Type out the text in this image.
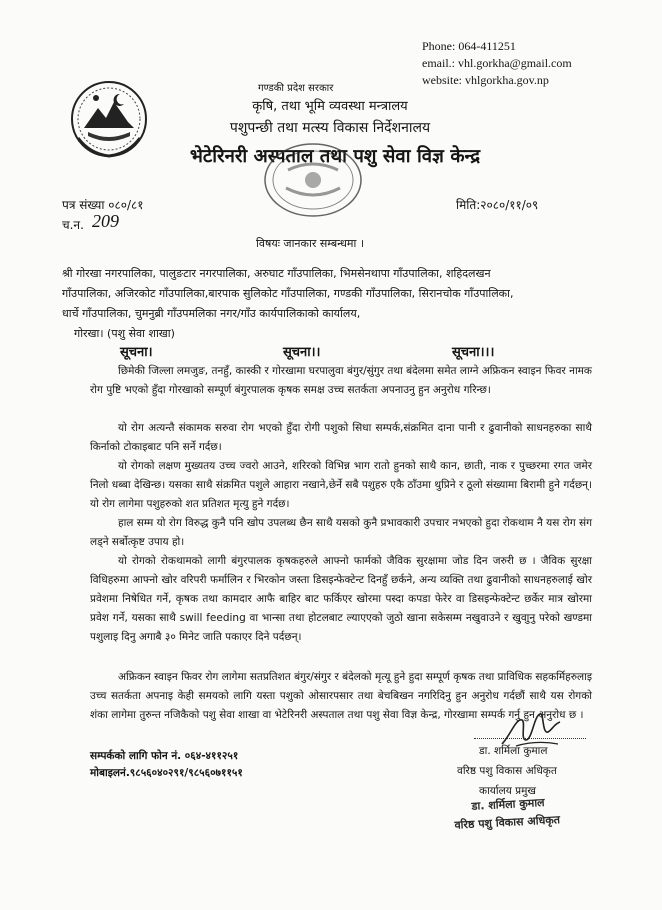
Phone: 064-411251
email.: vhl.gorkha@gmail.com
website: vhlgorkha.gov.np
गण्डकी प्रदेश सरकार
कृषि, तथा भूमि व्यवस्था मन्त्रालय
पशुपन्छी तथा मत्स्य विकास निर्देशनालय
भेटेरिनरी अस्पताल तथा पशु सेवा विज्ञ केन्द्र
पत्र संख्या ०८०/८१	मिति:२०८०/११/०९
च.न. 209
विषयः जानकार सम्बन्धमा ।
श्री गोरखा नगरपालिका, पालुङटार नगरपालिका, अरुघाट गाँउपालिका, भिमसेनथापा गाँउपालिका, शहिदलखन
गाँउपालिका, अजिरकोट गाँउपालिका,बारपाक सुलिकोट गाँउपालिका, गण्डकी गाँउपालिका, सिरानचोक गाँउपालिका,
धार्चे गाँउपालिका, चुमनुब्री गाँउपमलिका नगर/गाँउ कार्यपालिकाको कार्यालय,
गोरखा। (पशु सेवा शाखा)
सूचना।	सूचना।।	सूचना।।।
छिमेकी जिल्ला लमजुङ, तनहुँ, कास्की र गोरखामा घरपालुवा बंगुर/सुंगुर तथा बंदेलमा समेत लाग्ने अफ्रिकन स्वाइन फिवर नामक रोग पुष्टि भएको हुँदा गोरखाको सम्पूर्ण बंगुरपालक कृषक समक्ष उच्च सतर्कता अपनाउनु हुन अनुरोध गरिन्छ।
यो रोग अत्यन्तै संकामक सरुवा रोग भएको हुँदा रोगी पशुको सिधा सम्पर्क,संक्रमित दाना पानी र ढुवानीको साधनहरुका साथै किर्नाको टोकाइबाट पनि सर्ने गर्दछ।
यो रोगको लक्षण मुख्यतय उच्च ज्वरो आउने, शरिरको विभिन्न भाग रातो हुनको साथै कान, छाती, नाक र पुच्छरमा रगत जमेर निलो धब्बा देखिन्छ। यसका साथै संक्रमित पशुले आहारा नखाने,छेर्ने सबै पशुहरु एकै ठाँउमा थुप्रिने र ठूलो संख्यामा बिरामी हुने गर्दछन्। यो रोग लागेमा पशुहरुको शत प्रतिशत मृत्यु हुने गर्दछ।
हाल सम्म यो रोग विरुद्ध कुनै पनि खोप उपलब्ध छैन साथै यसको कुनै प्रभावकारी उपचार नभएको हुदा रोकथाम नै यस रोग संग लड्ने सर्बोत्कृष्ट उपाय हो।
यो रोगको रोकथामको लागी बंगुरपालक कृषकहरुले आफ्नो फार्मको जैविक सुरक्षामा जोड दिन जरुरी छ । जैविक सुरक्षा विधिहरुमा आफ्नो खोर वरिपरी फर्मालिन र भिरकोन जस्ता डिसइन्फेक्टेन्ट दिनहुँ छर्कने, अन्य व्यक्ति तथा ढुवानीको साधनहरुलाई खोर प्रवेशमा निषेधित गर्ने, कृषक तथा कामदार आफै बाहिर बाट फर्किएर खोरमा पस्दा कपडा फेरेर वा डिसइन्फेक्टेन्ट छर्केर मात्र खोरमा प्रवेश गर्ने, यसका साथै swill feeding वा भान्सा तथा होटलबाट ल्याएएको जुठो खाना सकेसम्म नखुवाउने र खुवाुनु परेको खण्डमा पशुलाइ दिनु अगाबै ३० मिनेट जाति पकाएर दिने पर्दछन्।
अफ्रिकन स्वाइन फिवर रोग लागेमा सतप्रतिशत बंगुर/संगुर र बंदेलको मृत्यू हुने हुदा सम्पूर्ण कृषक तथा प्राविधिक सहकर्मिहरुलाइ उच्च सतर्कता अपनाइ केही समयको लागि यस्ता पशुको ओसारपसार तथा बेचबिखन नगरिदिनु हुन अनुरोध गर्दछौं साथै यस रोगको शंका लागेमा तुरुन्त नजिकैको पशु सेवा शाखा वा भेटेरिनरी अस्पताल तथा पशु सेवा विज्ञ केन्द्र, गोरखामा सम्पर्क गर्नु हुन अनुरोध छ ।
सम्पर्कको लागि फोन नं. ०६४-४११२५१
मोबाइलनं.९८५६०४०२९१/९८५६०७११५१
डा. शर्मिला कुमाल
वरिष्ठ पशु विकास अधिकृत
कार्यालय प्रमुख
डा. शर्मिला कुमाल
वरिष्ठ पशु विकास अधिकृत
